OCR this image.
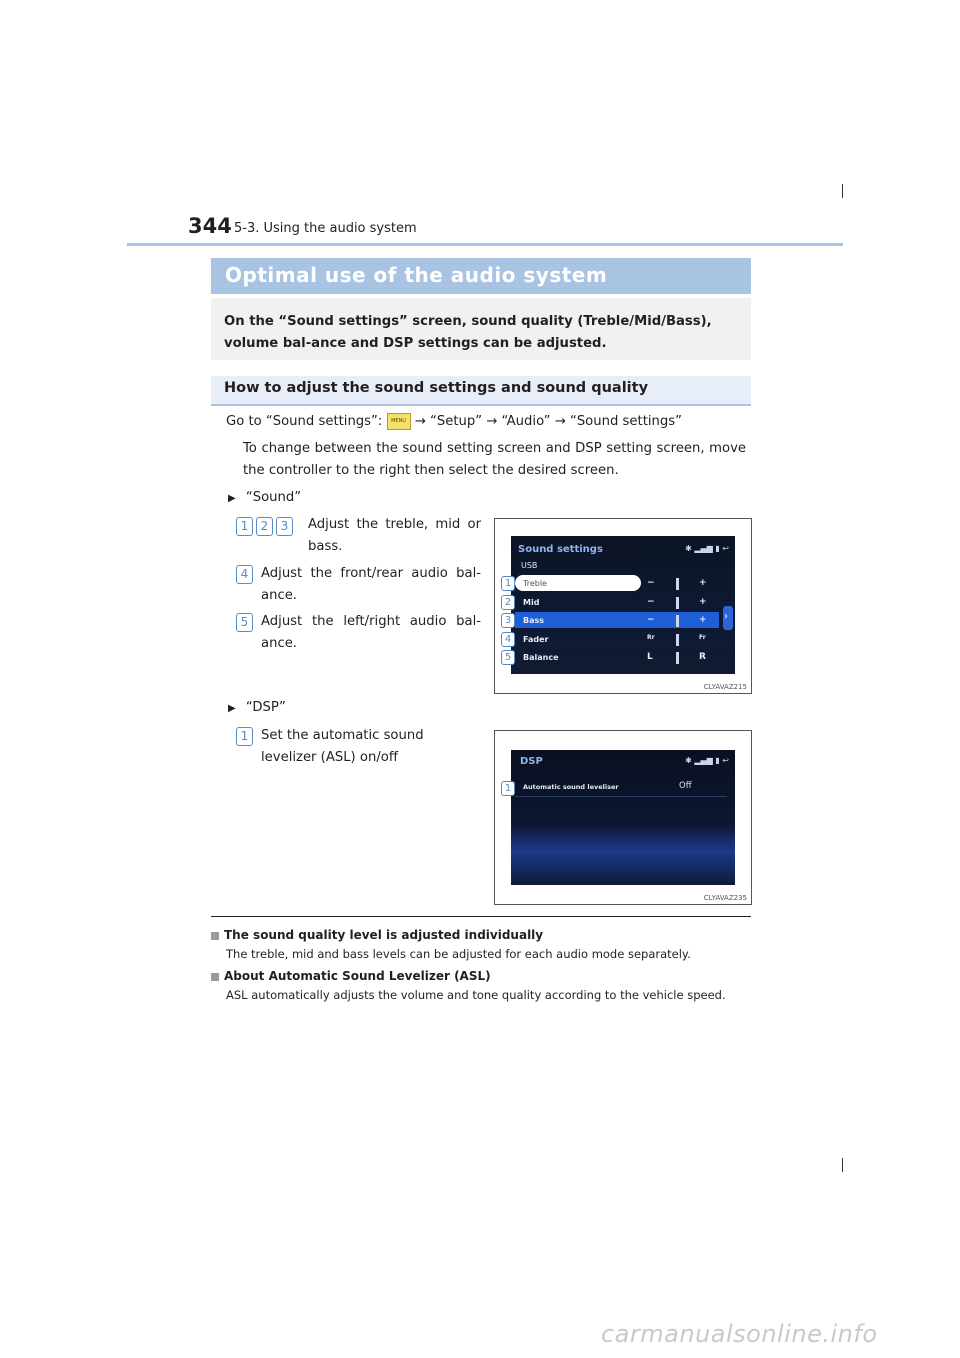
344 5-3. Using the audio system
Optimal use of the audio system

On the “Sound settings” screen, sound quality (Treble/Mid/Bass), volume bal-ance and DSP settings can be adjusted.

How to adjust the sound settings and sound quality
Go to “Sound settings”: MENU → “Setup” → “Audio” → “Sound settings”
To change between the sound setting screen and DSP setting screen, move the controller to the right then select the desired screen.
▶ “Sound”
1 2 3	Adjust the treble, mid or bass.
4 Adjust the front/rear audio bal-ance.
5 Adjust the left/right audio bal-ance.
Sound settings	✱ ▂▄▆ ▮ ↩
USB
Treble	−	+
Mid	−	+
Bass	−	+
Fader	Rr	Fr
Balance	L	R
›
CLYAVAZ215
1
2
3
4
5
▶ “DSP”
1 Set the automatic sound levelizer (ASL) on/off	DSP	✱ ▂▄▆ ▮ ↩
Automatic sound leveliser	Off
1
CLYAVAZ235
The sound quality level is adjusted individually
The treble, mid and bass levels can be adjusted for each audio mode separately.
About Automatic Sound Levelizer (ASL)
ASL automatically adjusts the volume and tone quality according to the vehicle speed.
carmanualsonline.info
